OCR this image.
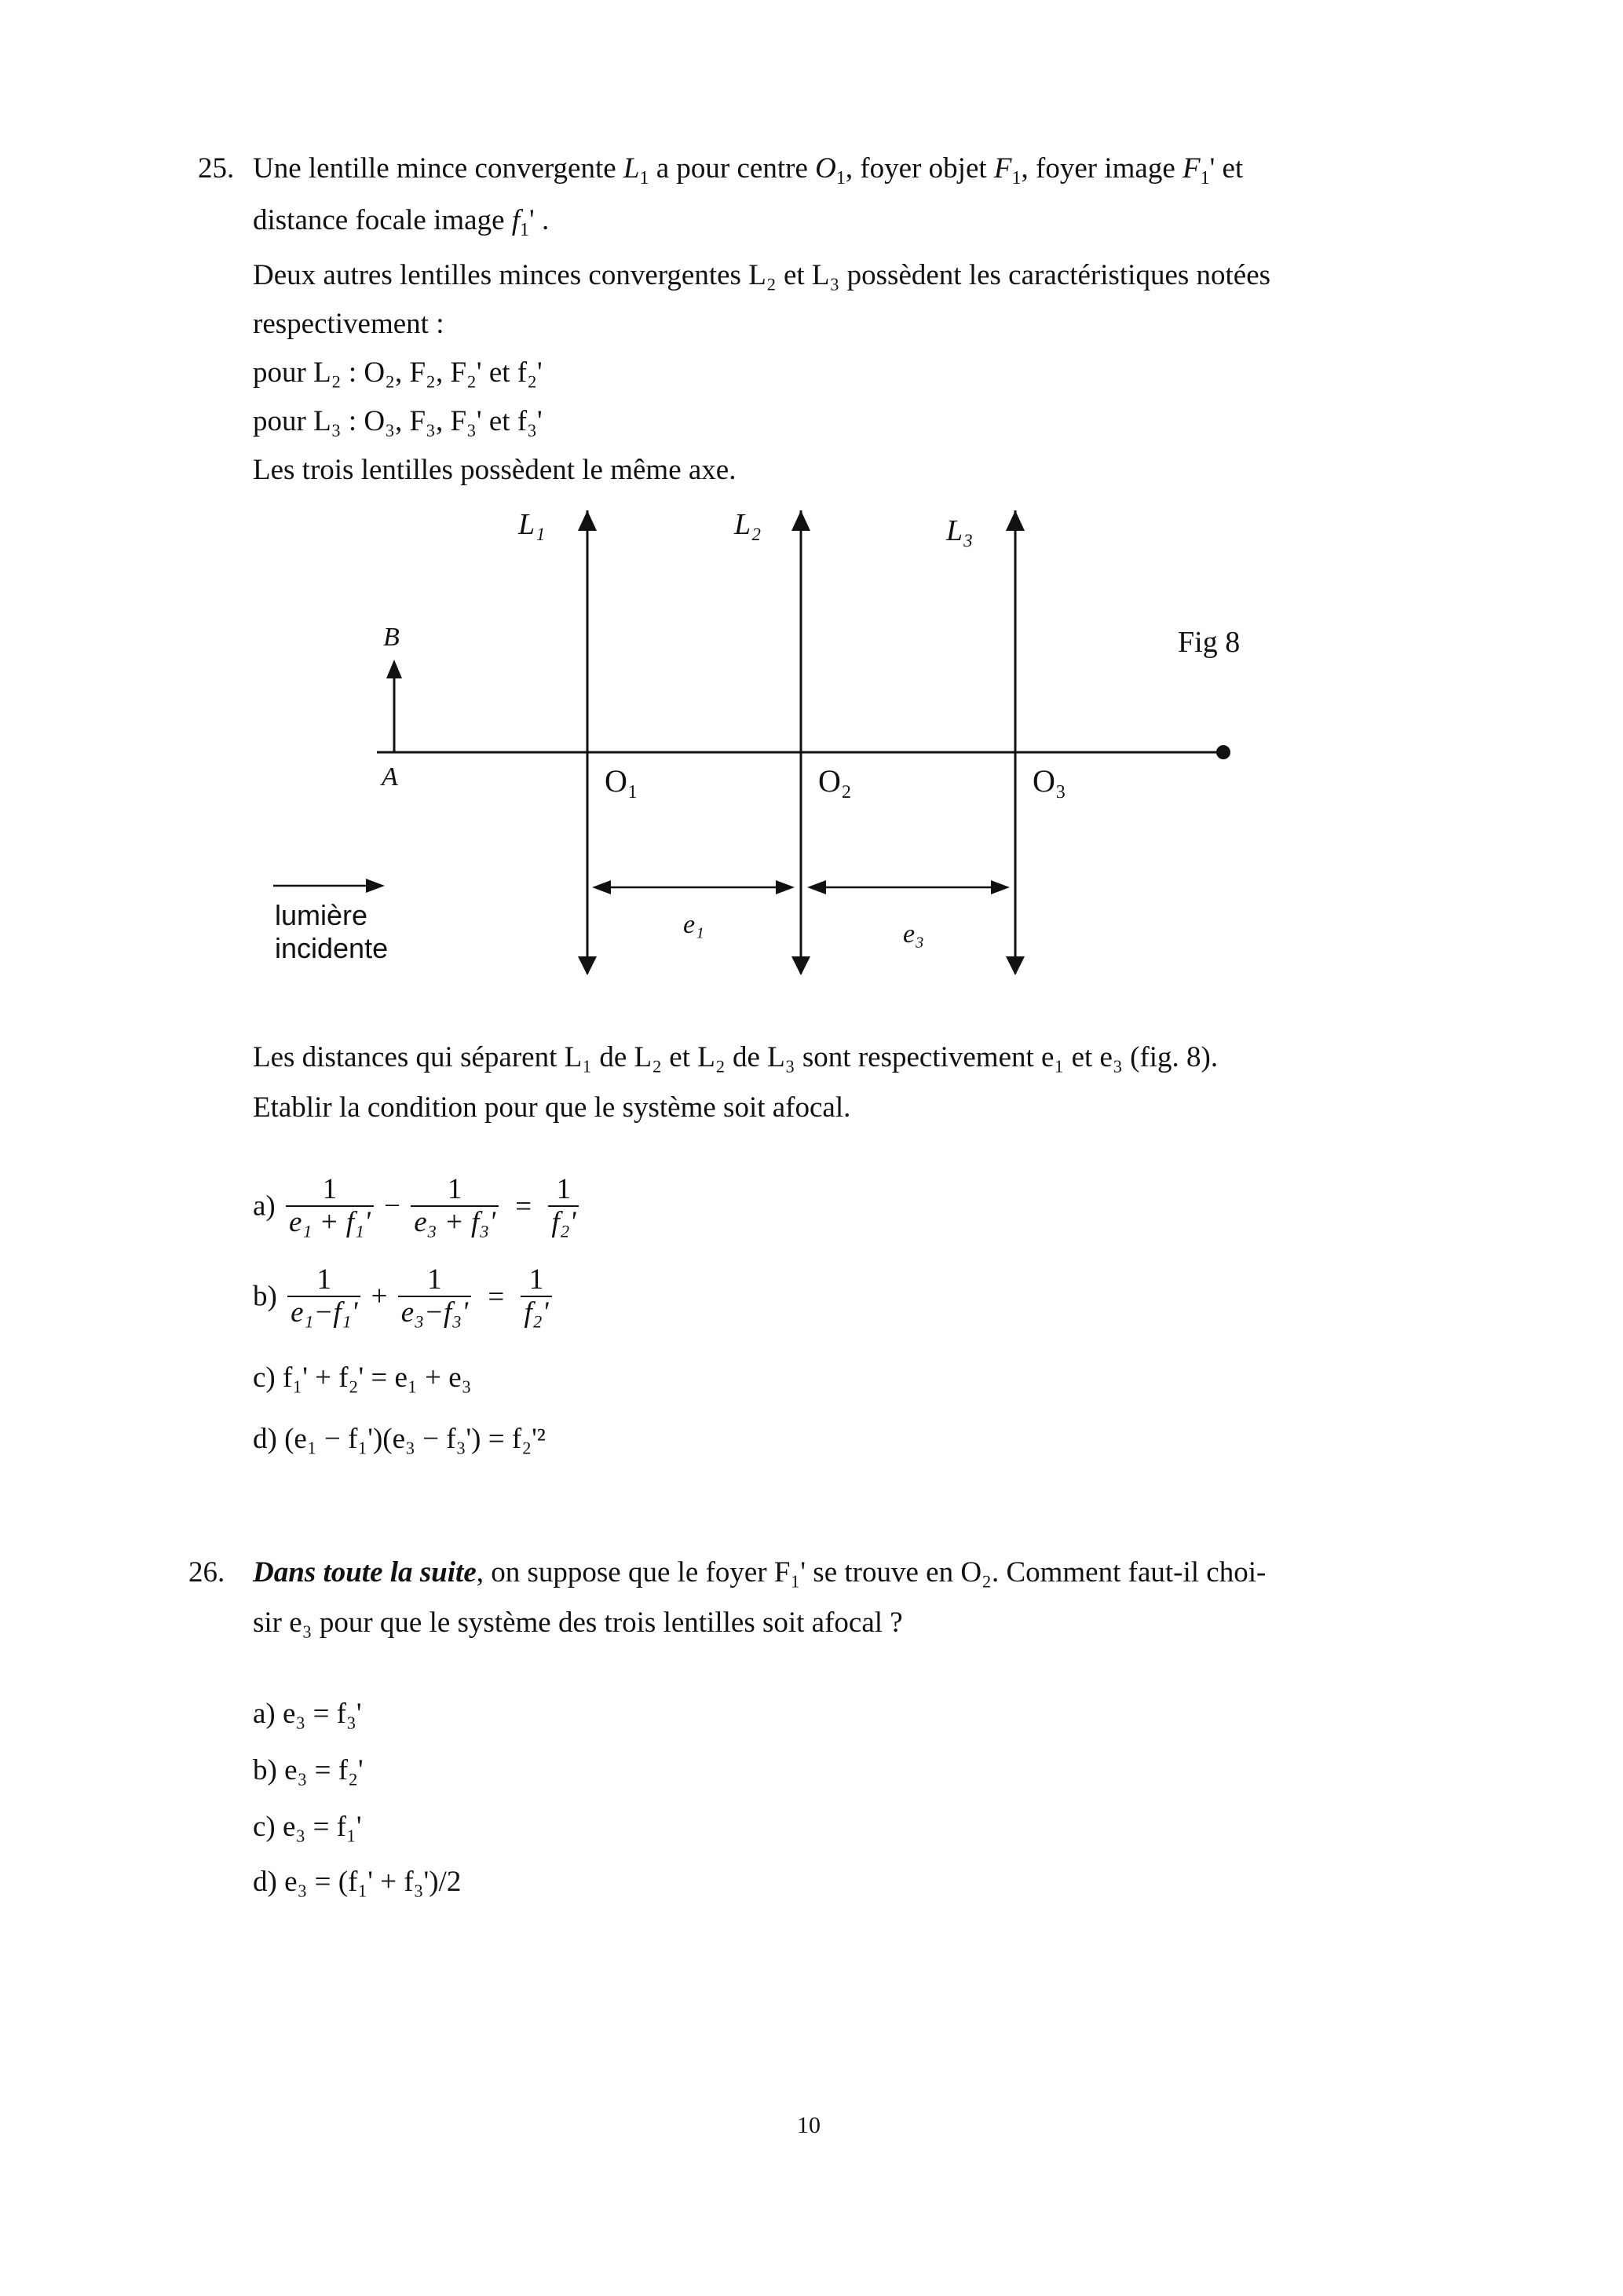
25. Une lentille mince convergente $L_1$ a pour centre $O_1$, foyer objet $F_1$, foyer image $F_1'$ et
distance focale image $f_1'$ .
Deux autres lentilles minces convergentes L₂ et L₃ possèdent les caractéristiques notées
respectivement :
pour L₂ : O₂, F₂, F₂' et f₂'
pour L₃ : O₃, F₃, F₃' et f₃'
Les trois lentilles possèdent le même axe.
L₁	L₂	L₃
B
A	O₁	O₂	O₃
e₁	e₃
Fig 8
lumière
incidente
Les distances qui séparent L₁ de L₂ et L₂ de L₃ sont respectivement e₁ et e₃ (fig. 8).
Etablir la condition pour que le système soit afocal.
$a) \frac{1}{\text{e₁ + f₁'}} - \frac{1}{\text{e₃ + f₃'}} = \frac{1}{\text{f₂'}}$
$b) \frac{1}{\text{e₁−f₁'}} + \frac{1}{\text{e₃−f₃'}} = \frac{1}{\text{f₂'}}$
c) f₁' + f₂' = e₁ + e₃
d) (e₁ − f₁')(e₃ − f₃') = f₂'²
26. Dans toute la suite, on suppose que le foyer F₁' se trouve en O₂. Comment faut-il choi-
sir e₃ pour que le système des trois lentilles soit afocal ?
a) e₃ = f₃'
b) e₃ = f₂'
c) e₃ = f₁'
d) e₃ = (f₁' + f₃')/2
10
